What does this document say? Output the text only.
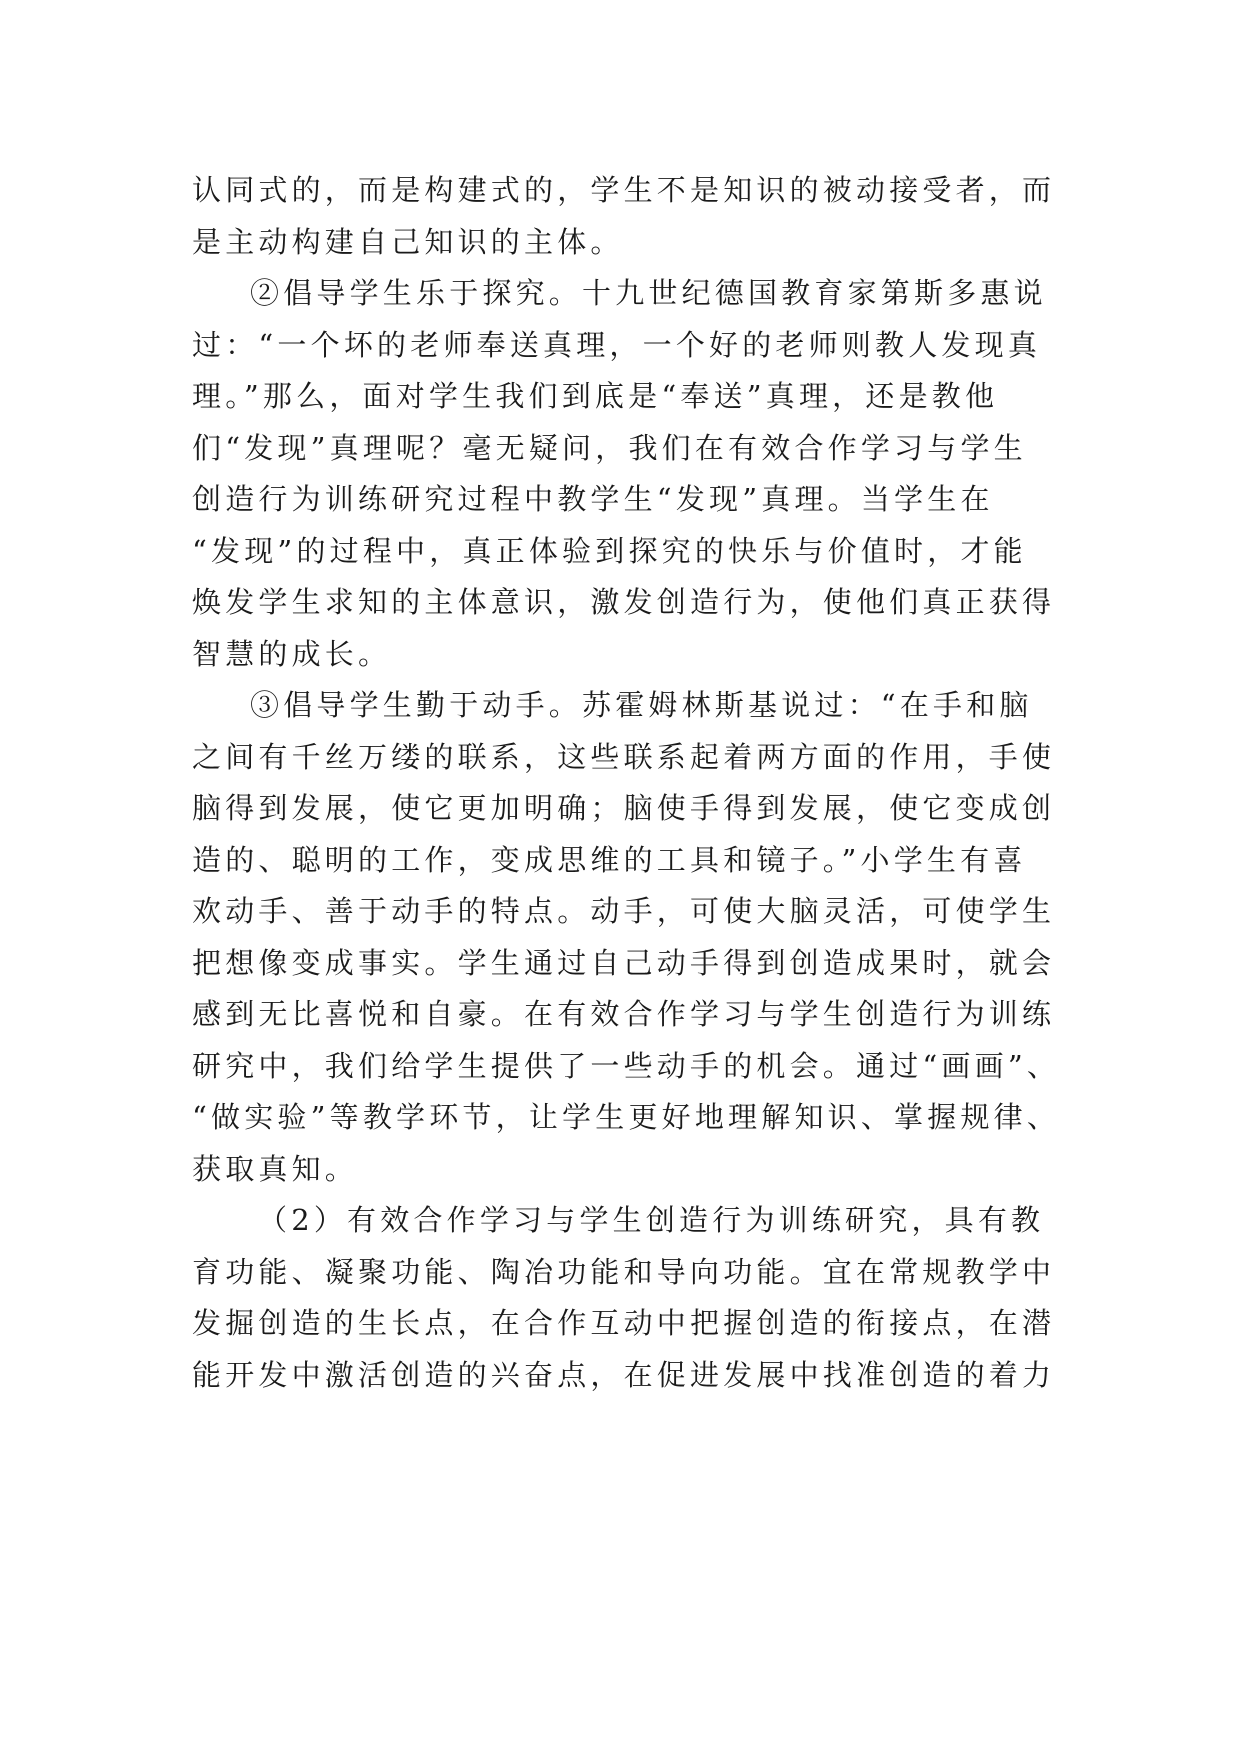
认同式的，而是构建式的，学生不是知识的被动接受者，而
是主动构建自己知识的主体。
②倡导学生乐于探究。十九世纪德国教育家第斯多惠说
过：“一个坏的老师奉送真理，一个好的老师则教人发现真
理。”那么，面对学生我们到底是“奉送”真理，还是教他
们“发现”真理呢？毫无疑问，我们在有效合作学习与学生
创造行为训练研究过程中教学生“发现”真理。当学生在
“发现”的过程中，真正体验到探究的快乐与价值时，才能
焕发学生求知的主体意识，激发创造行为，使他们真正获得
智慧的成长。
③倡导学生勤于动手。苏霍姆林斯基说过：“在手和脑
之间有千丝万缕的联系，这些联系起着两方面的作用，手使
脑得到发展，使它更加明确；脑使手得到发展，使它变成创
造的、聪明的工作，变成思维的工具和镜子。”小学生有喜
欢动手、善于动手的特点。动手，可使大脑灵活，可使学生
把想像变成事实。学生通过自己动手得到创造成果时，就会
感到无比喜悦和自豪。在有效合作学习与学生创造行为训练
研究中，我们给学生提供了一些动手的机会。通过“画画”、
“做实验”等教学环节，让学生更好地理解知识、掌握规律、
获取真知。
（2）有效合作学习与学生创造行为训练研究，具有教
育功能、凝聚功能、陶冶功能和导向功能。宜在常规教学中
发掘创造的生长点，在合作互动中把握创造的衔接点，在潜
能开发中激活创造的兴奋点，在促进发展中找准创造的着力
